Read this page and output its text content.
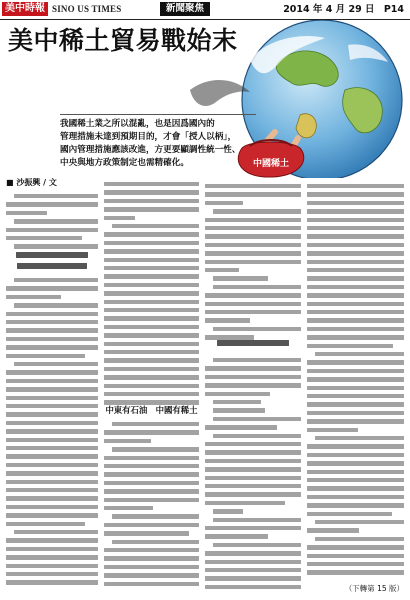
美中時報 SINO US TIMES	新聞聚焦	2014 年 4 月 29 日 P14
中國稀土
美中稀土貿易戰始末
我國稀土業之所以混亂，也是因爲國內的
管理措施未達到預期目的，才會「授人以柄」，
國內管理措施應該改進，方更要顯調性統一性、
中央與地方政策制定也需精確化。
■ 沙振興 / 文
中東有石油　中國有稀土
（下轉第 15 版）
